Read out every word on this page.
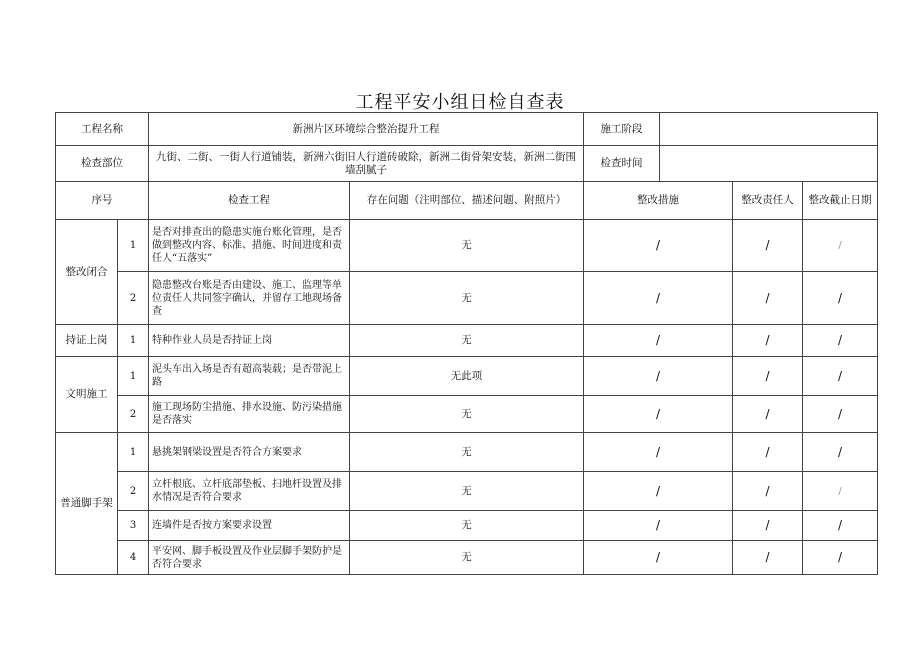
工程平安小组日检自查表
工程名称		新洲片区环境综合整治提升工程		施工阶段			
检查部位		九街、二街、一街人行道铺装，新洲六街旧人行道砖破除，新洲二街骨架安装，新洲二街围墙刮腻子		检查时间			
序号		检查工程	存在问题（注明部位、描述问题、附照片）	整改措施		整改责任人	整改截止日期
整改闭合	1	是否对排查出的隐患实施台账化管理，是否做到整改内容、标准、措施、时间进度和责任人“五落实”	无	/		/	/
	2	隐患整改台账是否由建设、施工、监理等单位责任人共同签字确认，并留存工地现场备查	无	/		/	/
持证上岗	1	特种作业人员是否持证上岗	无	/		/	/
文明施工	1	泥头车出入场是否有超高装载；是否带泥上路	无此项	/		/	/
	2	施工现场防尘措施、排水设施、防污染措施是否落实	无	/		/	/
普通脚手架	1	悬挑架钢梁设置是否符合方案要求	无	/		/	/
	2	立杆根底、立杆底部垫板、扫地杆设置及排水情况是否符合要求	无	/		/	/
	3	连墙件是否按方案要求设置	无	/		/	/
	4	平安网、脚手板设置及作业层脚手架防护是否符合要求	无	/		/	/
